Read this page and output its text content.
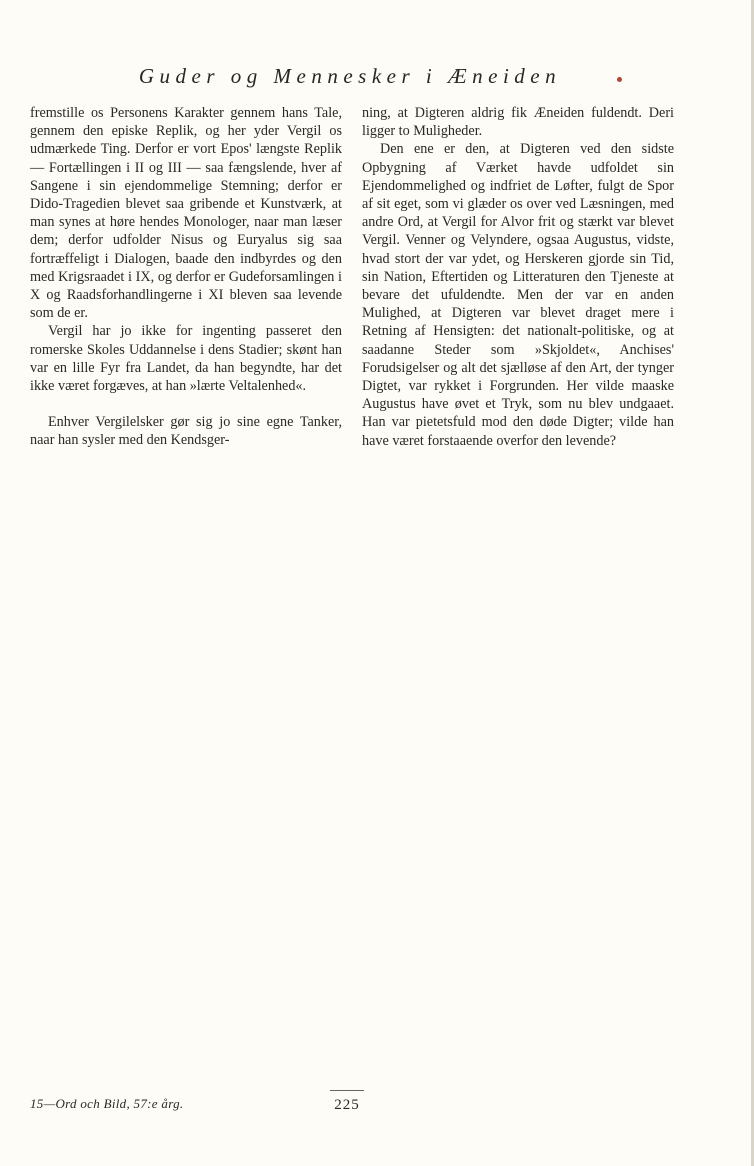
Guder og Mennesker i Æneiden

fremstille os Personens Karakter gennem hans Tale, gennem den episke Replik, og her yder Vergil os udmærkede Ting. Derfor er vort Epos' længste Replik — Fortællingen i II og III — saa fængslende, hver af Sangene i sin ejendommelige Stemning; derfor er Dido-Tragedien blevet saa gribende et Kunstværk, at man synes at høre hendes Monologer, naar man læser dem; derfor udfolder Nisus og Euryalus sig saa fortræffeligt i Dialogen, baade den indbyrdes og den med Krigsraadet i IX, og derfor er Gudeforsamlingen i X og Raadsforhandlingerne i XI bleven saa levende som de er.

Vergil har jo ikke for ingenting passeret den romerske Skoles Uddannelse i dens Stadier; skønt han var en lille Fyr fra Landet, da han begyndte, har det ikke været forgæves, at han »lærte Veltalenhed«.

Enhver Vergilelsker gør sig jo sine egne Tanker, naar han sysler med den Kendsger-

ning, at Digteren aldrig fik Æneiden fuldendt. Deri ligger to Muligheder.

Den ene er den, at Digteren ved den sidste Opbygning af Værket havde udfoldet sin Ejendommelighed og indfriet de Løfter, fulgt de Spor af sit eget, som vi glæder os over ved Læsningen, med andre Ord, at Vergil for Alvor frit og stærkt var blevet Vergil. Venner og Velyndere, ogsaa Augustus, vidste, hvad stort der var ydet, og Herskeren gjorde sin Tid, sin Nation, Eftertiden og Litteraturen den Tjeneste at bevare det ufuldendte. Men der var en anden Mulighed, at Digteren var blevet draget mere i Retning af Hensigten: det nationalt-politiske, og at saadanne Steder som »Skjoldet«, Anchises' Forudsigelser og alt det sjælløse af den Art, der tynger Digtet, var rykket i Forgrunden. Her vilde maaske Augustus have øvet et Tryk, som nu blev undgaaet. Han var pietetsfuld mod den døde Digter; vilde han have været forstaaende overfor den levende?

15—Ord och Bild, 57:e årg.	225
